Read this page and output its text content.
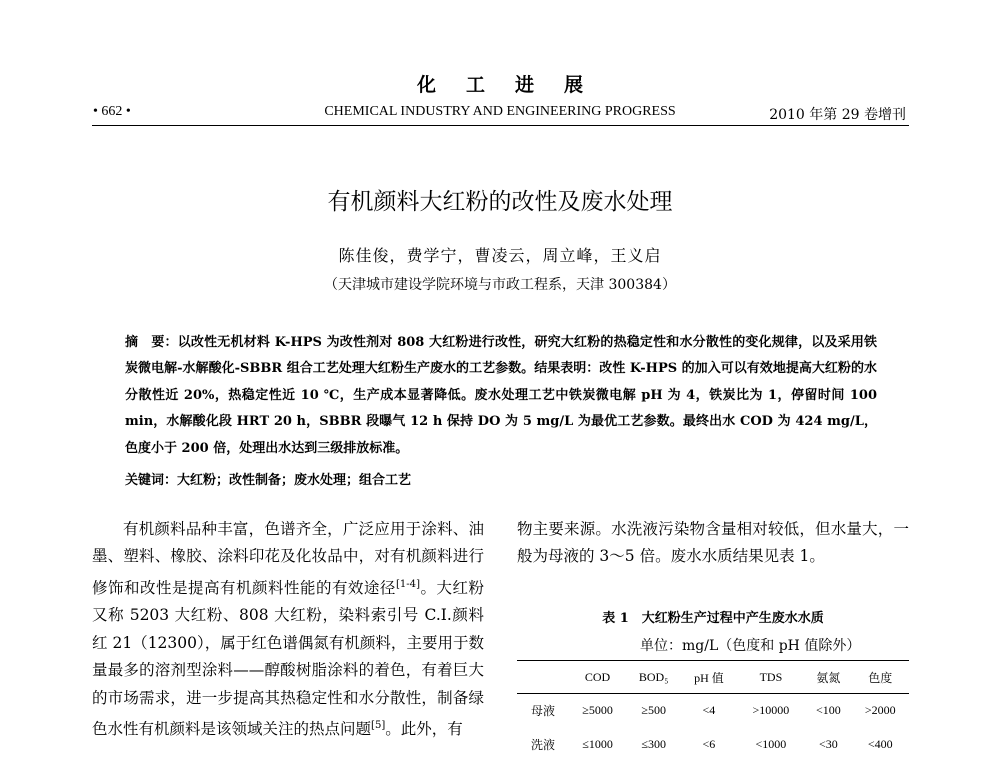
化工进展
• 662 •	CHEMICAL INDUSTRY AND ENGINEERING PROGRESS	2010 年第 29 卷增刊
有机颜料大红粉的改性及废水处理
陈佳俊，费学宁，曹凌云，周立峰，王义启
（天津城市建设学院环境与市政工程系，天津 300384）
摘　要：以改性无机材料 K-HPS 为改性剂对 808 大红粉进行改性，研究大红粉的热稳定性和水分散性的变化规律，以及采用铁炭微电解-水解酸化-SBBR 组合工艺处理大红粉生产废水的工艺参数。结果表明：改性 K-HPS 的加入可以有效地提高大红粉的水分散性近 20%，热稳定性近 10 ℃，生产成本显著降低。废水处理工艺中铁炭微电解 pH 为 4，铁炭比为 1，停留时间 100 min，水解酸化段 HRT 20 h，SBBR 段曝气 12 h 保持 DO 为 5 mg/L 为最优工艺参数。最终出水 COD 为 424 mg/L，色度小于 200 倍，处理出水达到三级排放标准。
关键词：大红粉；改性制备；废水处理；组合工艺

有机颜料品种丰富，色谱齐全，广泛应用于涂料、油墨、塑料、橡胶、涂料印花及化妆品中，对有机颜料进行修饰和改性是提高有机颜料性能的有效途径[1-4]。大红粉又称 5203 大红粉、808 大红粉，染料索引号 C.I.颜料红 21（12300），属于红色谱偶氮有机颜料，主要用于数量最多的溶剂型涂料——醇酸树脂涂料的着色，有着巨大的市场需求，进一步提高其热稳定性和水分散性，制备绿色水性有机颜料是该领域关注的热点问题[5]。此外，有

物主要来源。水洗液污染物含量相对较低，但水量大，一般为母液的 3～5 倍。废水水质结果见表 1。

表 1　大红粉生产过程中产生废水水质
单位：mg/L（色度和 pH 值除外）
	COD	BOD₅	pH 值	TDS	氨氮	色度
母液	≥5000	≥500	<4	>10000	<100	>2000
洗液	≤1000	≤300	<6	<1000	<30	<400
